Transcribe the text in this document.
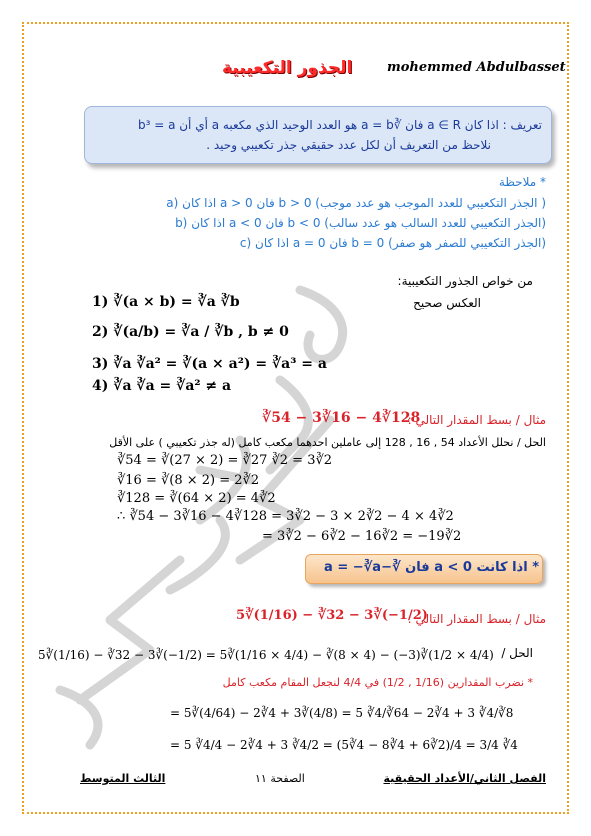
mohemmed Abdulbasset
الجذور التكعيبية
تعريف : اذا كان a ∈ R فان ∛a = b هو العدد الوحيد الذي مكعبه a أي أن b³ = a
نلاحظ من التعريف أن لكل عدد حقيقي جذر تكعيبي وحيد .
* ملاحظة
a) اذا كان a > 0 فان b > 0 (الجذر التكعيبي للعدد الموجب هو عدد موجب )
b) اذا كان a < 0 فان b < 0 (الجذر التكعيبي للعدد السالب هو عدد سالب)
c) اذا كان a = 0 فان b = 0 (الجذر التكعيبي للصفر هو صفر)
من خواص الجذور التكعيبية:
العكس صحيح
1) ∛(a × b) = ∛a ∛b
2) ∛(a/b) = ∛a / ∛b , b ≠ 0
3) ∛a ∛a² = ∛(a × a²) = ∛a³ = a
4) ∛a ∛a = ∛a² ≠ a
مثال / بسط المقدار التالي :
∛54 − 3∛16 − 4∛128
الحل / نحلل الأعداد 54 , 16 , 128 إلى عاملين احدهما مكعب كامل (له جذر تكعيبي ) على الأقل
∛54 = ∛(27 × 2) = ∛27 ∛2 = 3∛2
∛16 = ∛(8 × 2) = 2∛2
∛128 = ∛(64 × 2) = 4∛2
∴ ∛54 − 3∛16 − 4∛128 = 3∛2 − 3 × 2∛2 − 4 × 4∛2
= 3∛2 − 6∛2 − 16∛2 = −19∛2
* اذا كانت a < 0 فان ∛−a = −∛a
مثال / بسط المقدار التالي :
5∛(1/16) − ∛32 − 3∛(−1/2)
الحل /
5∛(1/16) − ∛32 − 3∛(−1/2) = 5∛(1/16 × 4/4) − ∛(8 × 4) − (−3)∛(1/2 × 4/4)
* نضرب المقدارين (1/16 , 1/2) في 4/4 لنجعل المقام مكعب كامل
= 5∛(4/64) − 2∛4 + 3∛(4/8) = 5 ∛4/∛64 − 2∛4 + 3 ∛4/∛8
= 5 ∛4/4 − 2∛4 + 3 ∛4/2 = (5∛4 − 8∛4 + 6∛2)/4 = 3/4 ∛4
الفصل الثاني/الأعداد الحقيقية
الصفحة ١١
الثالث المتوسط
